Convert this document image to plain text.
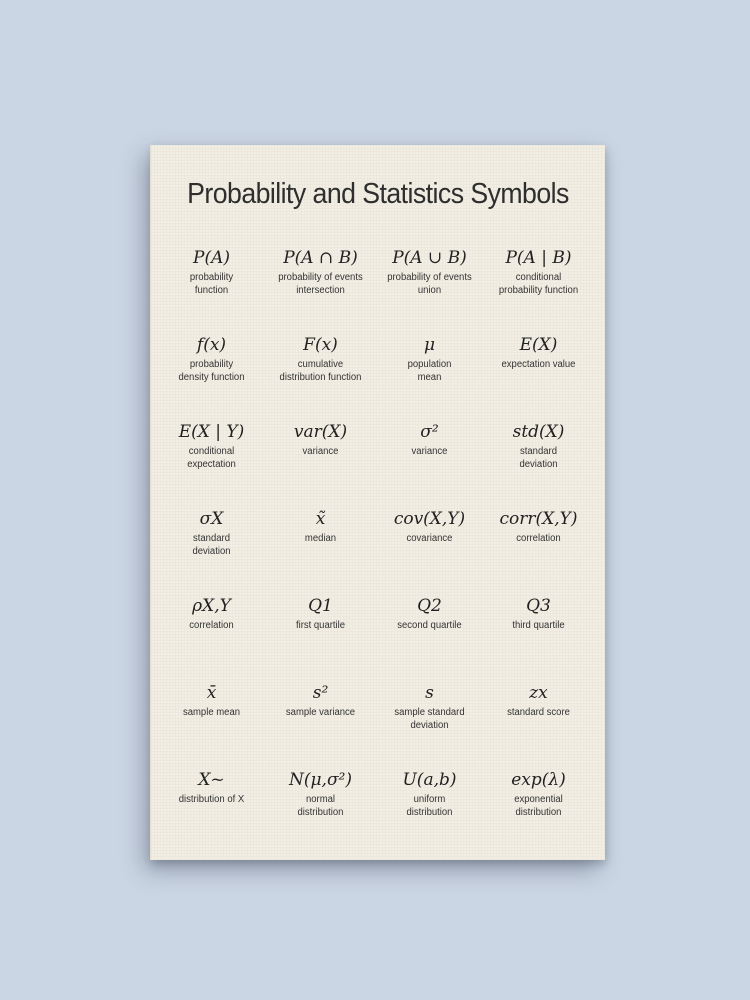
Probability and Statistics Symbols
P(A)
probability
function
P(A ∩ B)
probability of events
intersection
P(A ∪ B)
probability of events
union
P(A | B)
conditional
probability function
f(x)
probability
density function
F(x)
cumulative
distribution function
μ
population
mean
E(X)
expectation value
E(X | Y)
conditional
expectation
var(X)
variance
σ²
variance
std(X)
standard
deviation
σX
standard
deviation
x̃
median
cov(X,Y)
covariance
corr(X,Y)
correlation
ρX,Y
correlation
Q1
first quartile
Q2
second quartile
Q3
third quartile
x̄
sample mean
s²
sample variance
s
sample standard
deviation
zx
standard score
X~
distribution of X
N(μ,σ²)
normal
distribution
U(a,b)
uniform
distribution
exp(λ)
exponential
distribution
